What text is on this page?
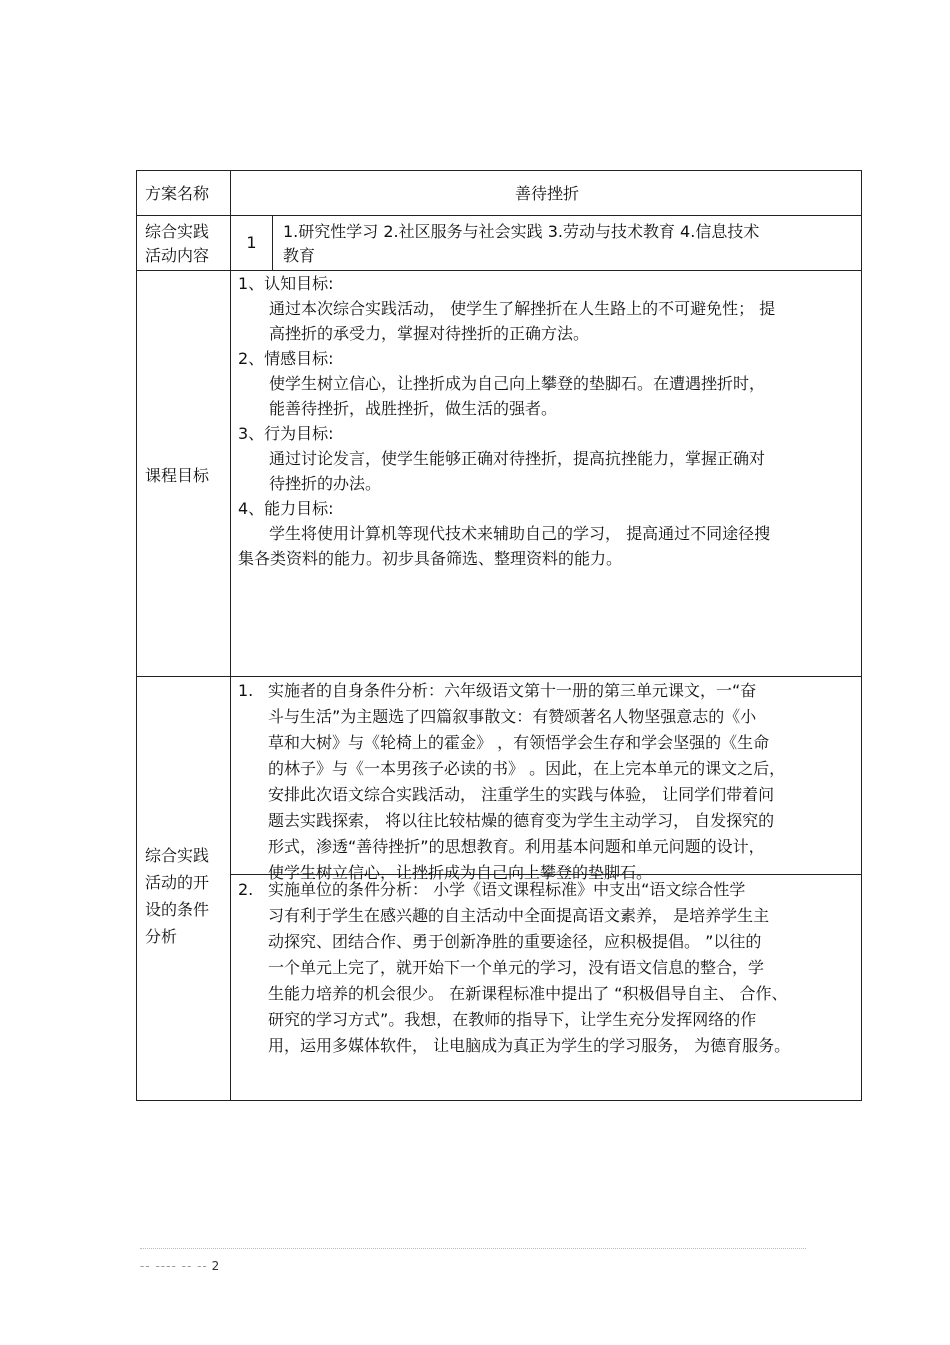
方案名称	善待挫折
综合实践
活动内容
1
1.研究性学习 2.社区服务与社会实践 3.劳动与技术教育 4.信息技术
教育
课程目标
1、认知目标:
通过本次综合实践活动， 使学生了解挫折在人生路上的不可避免性； 提
高挫折的承受力，掌握对待挫折的正确方法。
2、情感目标:
使学生树立信心，让挫折成为自己向上攀登的垫脚石。在遭遇挫折时，
能善待挫折，战胜挫折，做生活的强者。
3、行为目标:
通过讨论发言，使学生能够正确对待挫折，提高抗挫能力，掌握正确对
待挫折的办法。
4、能力目标:
学生将使用计算机等现代技术来辅助自己的学习， 提高通过不同途径搜
集各类资料的能力。初步具备筛选、整理资料的能力。
综合实践
活动的开
设的条件
分析
1. 实施者的自身条件分析：六年级语文第十一册的第三单元课文，一“奋
斗与生活”为主题选了四篇叙事散文：有赞颂著名人物坚强意志的《小
草和大树》与《轮椅上的霍金》 ，有领悟学会生存和学会坚强的《生命
的林子》与《一本男孩子必读的书》 。因此，在上完本单元的课文之后，
安排此次语文综合实践活动， 注重学生的实践与体验， 让同学们带着问
题去实践探索， 将以往比较枯燥的德育变为学生主动学习， 自发探究的
形式，渗透“善待挫折”的思想教育。利用基本问题和单元问题的设计，
使学生树立信心，让挫折成为自己向上攀登的垫脚石。
2. 实施单位的条件分析： 小学《语文课程标准》中支出“语文综合性学
习有利于学生在感兴趣的自主活动中全面提高语文素养， 是培养学生主
动探究、团结合作、勇于创新净胜的重要途径，应积极提倡。 ”以往的
一个单元上完了，就开始下一个单元的学习，没有语文信息的整合，学
生能力培养的机会很少。 在新课程标准中提出了 “积极倡导自主、 合作、
研究的学习方式”。我想，在教师的指导下，让学生充分发挥网络的作
用，运用多媒体软件， 让电脑成为真正为学生的学习服务， 为德育服务。
-- ---- -- -- 2
